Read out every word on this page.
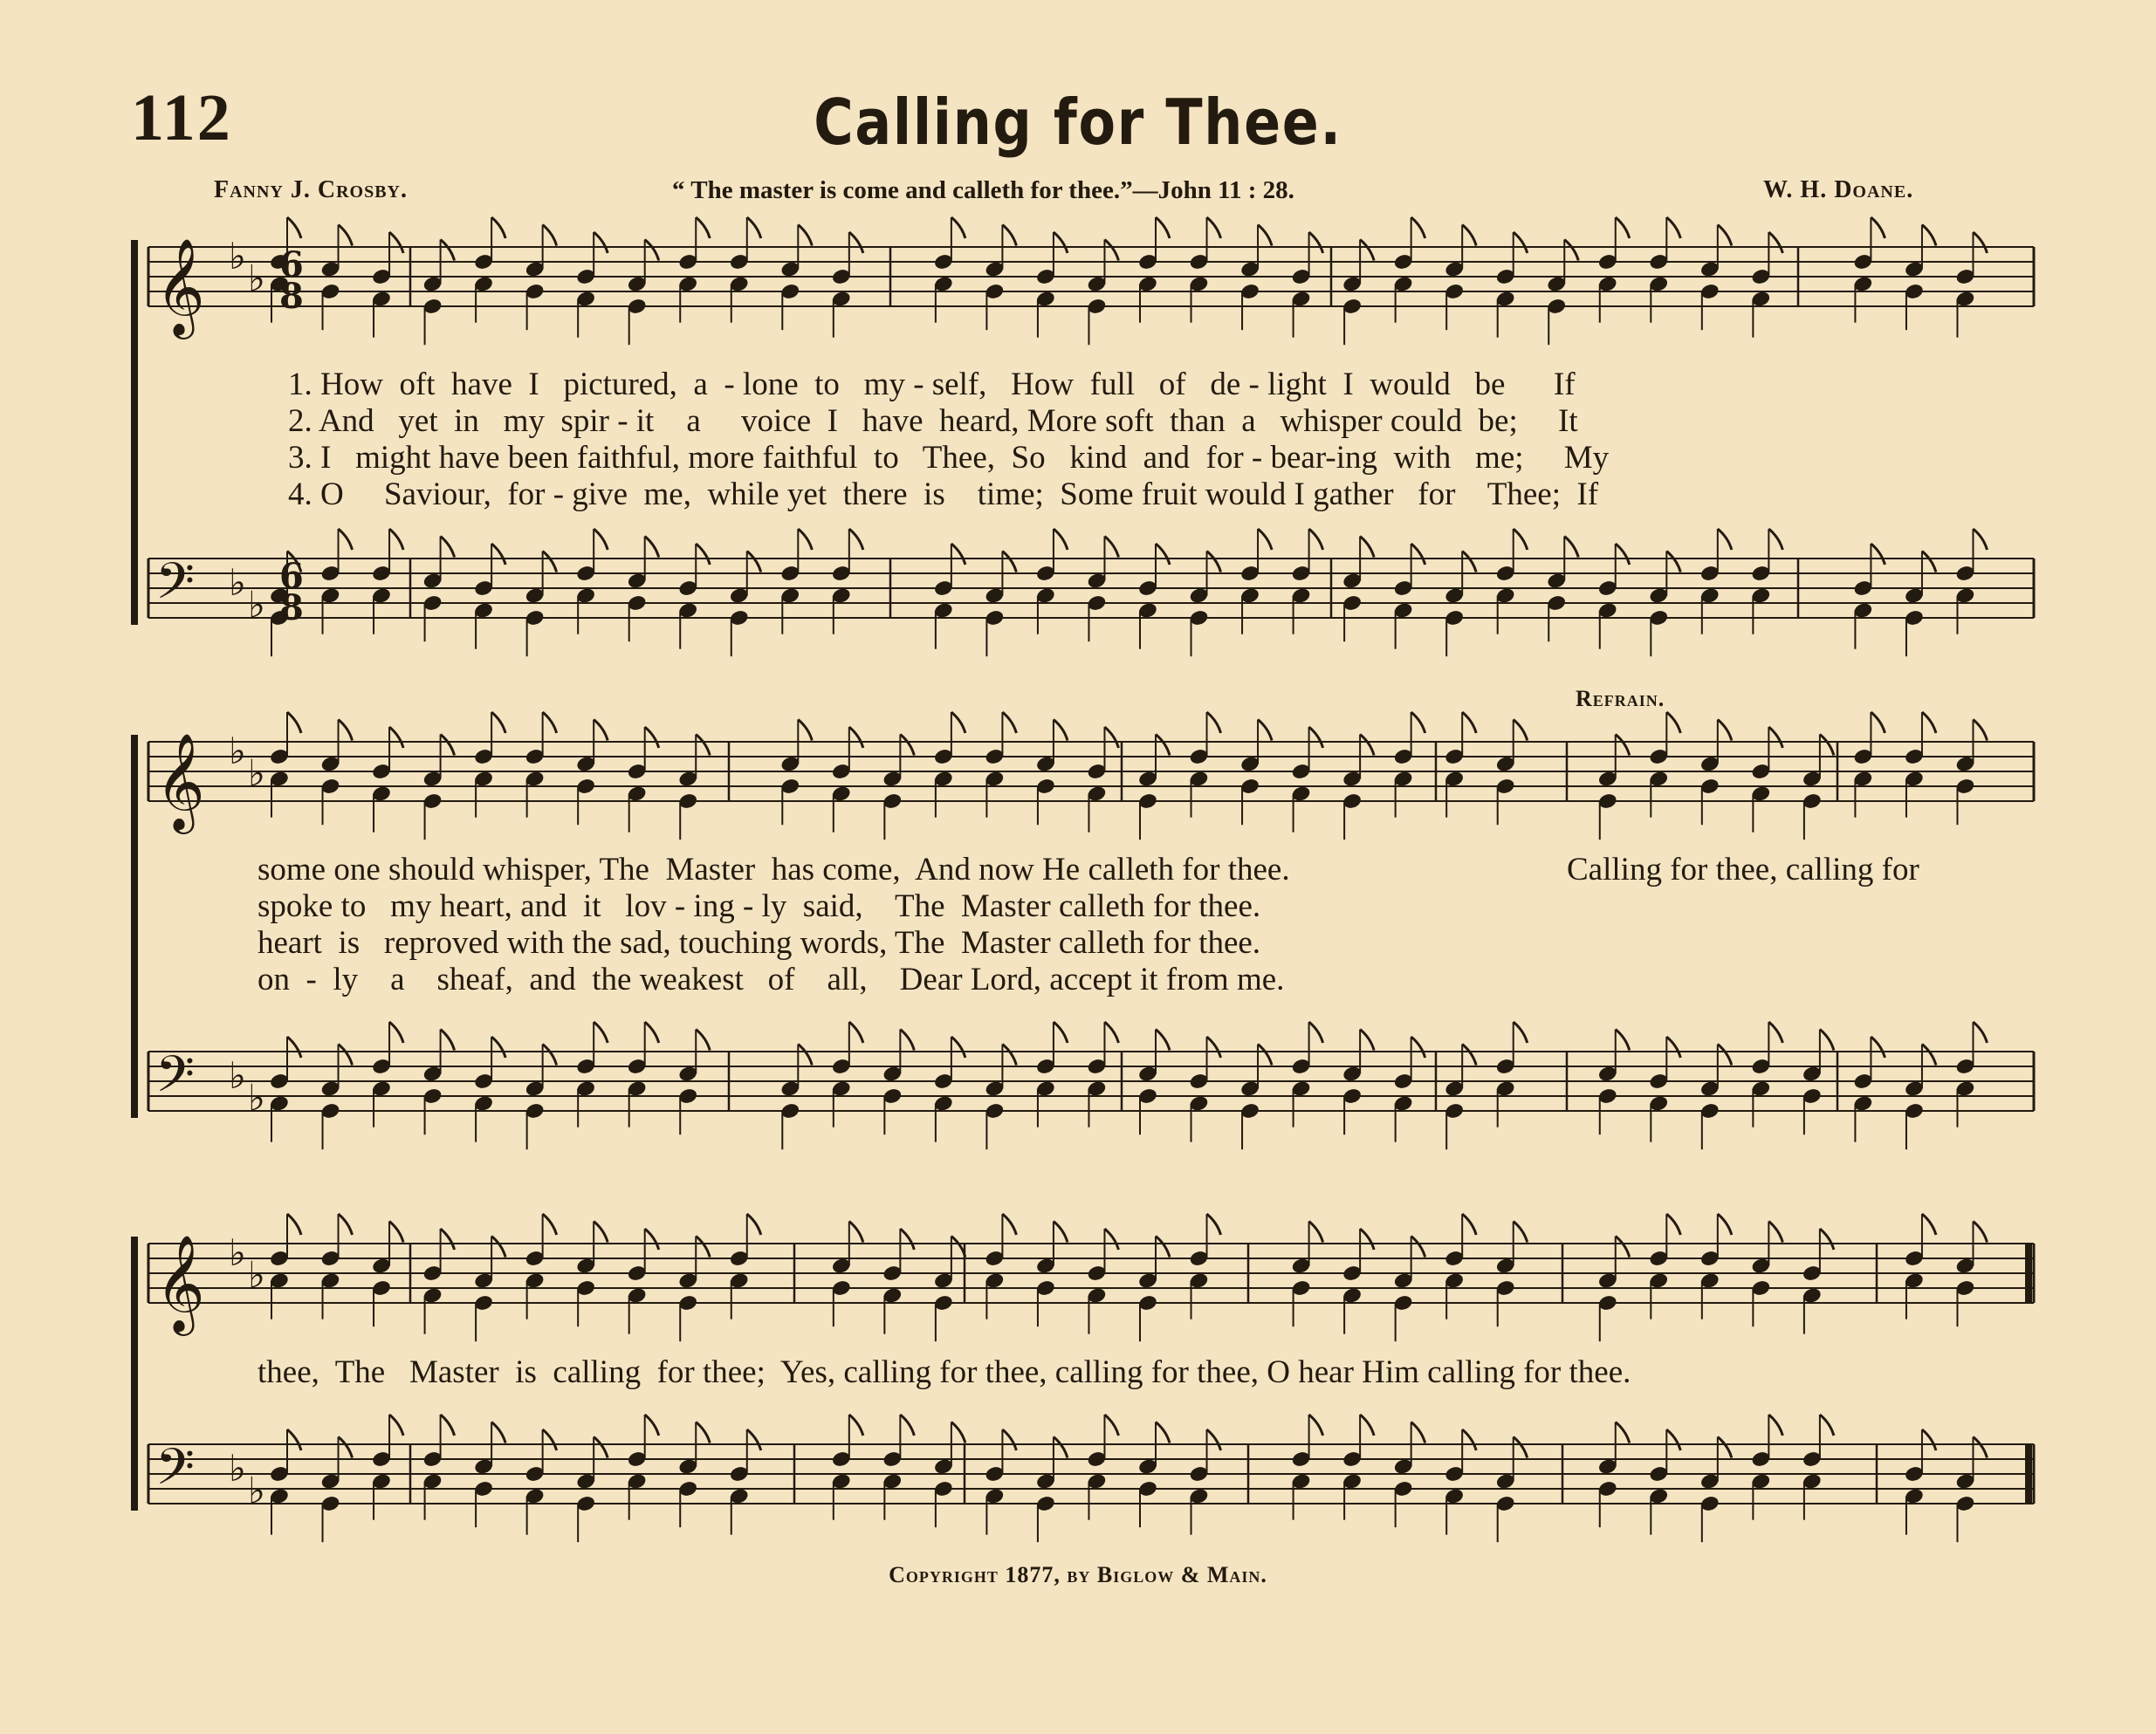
112	Calling for Thee.
Fanny J. Crosby.	“ The master is come and calleth for thee.”—John 11 : 28.	W. H. Doane.
𝄞 ♭
♭
𝄢 ♭
♭
6
8
6
8
𝄞 ♭
♭
𝄢 ♭
♭
𝄞 ♭
♭
𝄢 ♭
♭
1. How  oft  have  I   pictured,  a  - lone  to   my - self,   How  full   of   de - light  I  would   be      If
2. And   yet  in   my  spir - it    a     voice  I   have  heard, More soft  than  a   whisper could  be;     It
3. I   might have been faithful, more faithful  to   Thee,  So   kind  and  for - bear-ing  with   me;     My
4. O     Saviour,  for - give  me,  while yet  there  is    time;  Some fruit would I gather   for    Thee;  If
Refrain.
some one should whisper, The  Master  has come,  And now He calleth for thee.
spoke to   my heart, and  it   lov - ing - ly  said,    The  Master calleth for thee.
heart  is   reproved with the sad, touching words, The  Master calleth for thee.
on  -  ly    a    sheaf,  and  the weakest   of    all,    Dear Lord, accept it from me.
Calling for thee, calling for
thee,  The   Master  is  calling  for thee;  Yes, calling for thee, calling for thee, O hear Him calling for thee.
Copyright 1877, by Biglow & Main.
